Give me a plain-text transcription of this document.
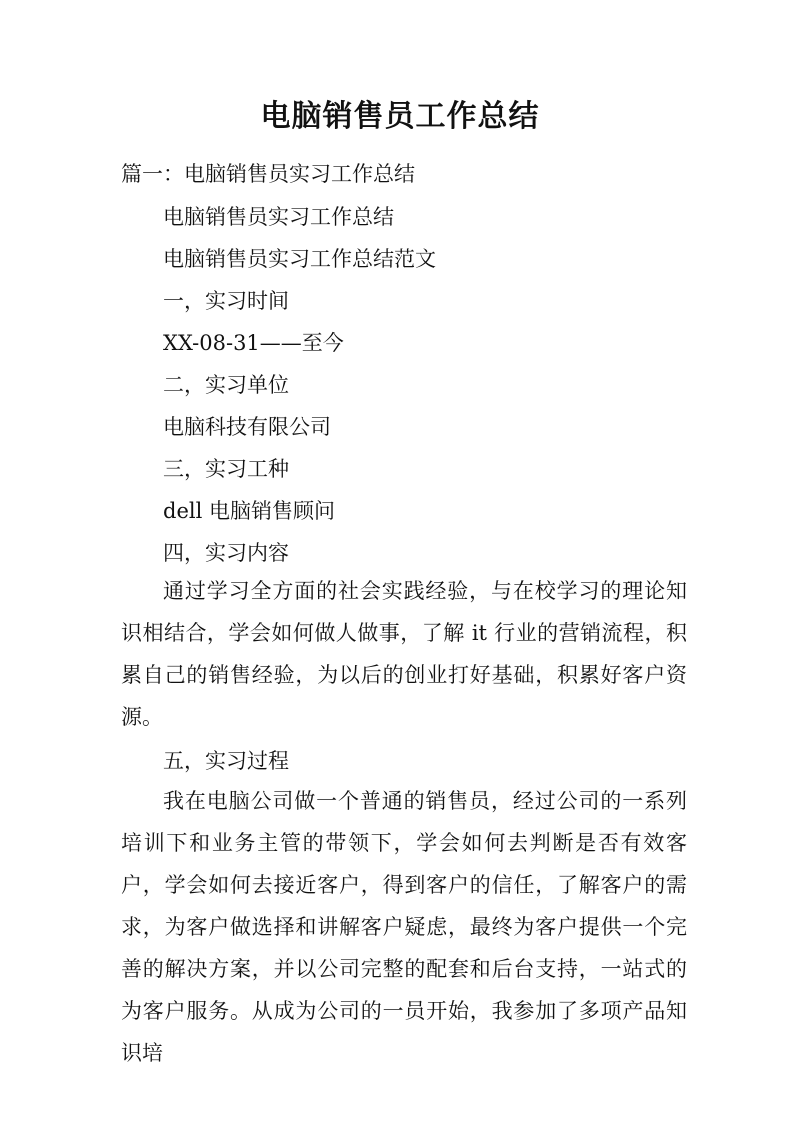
电脑销售员工作总结
篇一：电脑销售员实习工作总结
电脑销售员实习工作总结
电脑销售员实习工作总结范文
一，实习时间
XX-08-31——至今
二，实习单位
电脑科技有限公司
三，实习工种
dell 电脑销售顾问
四，实习内容
通过学习全方面的社会实践经验，与在校学习的理论知识相结合，学会如何做人做事，了解 it 行业的营销流程，积累自己的销售经验，为以后的创业打好基础，积累好客户资源。
五，实习过程
我在电脑公司做一个普通的销售员，经过公司的一系列培训下和业务主管的带领下，学会如何去判断是否有效客户，学会如何去接近客户，得到客户的信任，了解客户的需求，为客户做选择和讲解客户疑虑，最终为客户提供一个完善的解决方案，并以公司完整的配套和后台支持，一站式的为客户服务。从成为公司的一员开始，我参加了多项产品知识培
